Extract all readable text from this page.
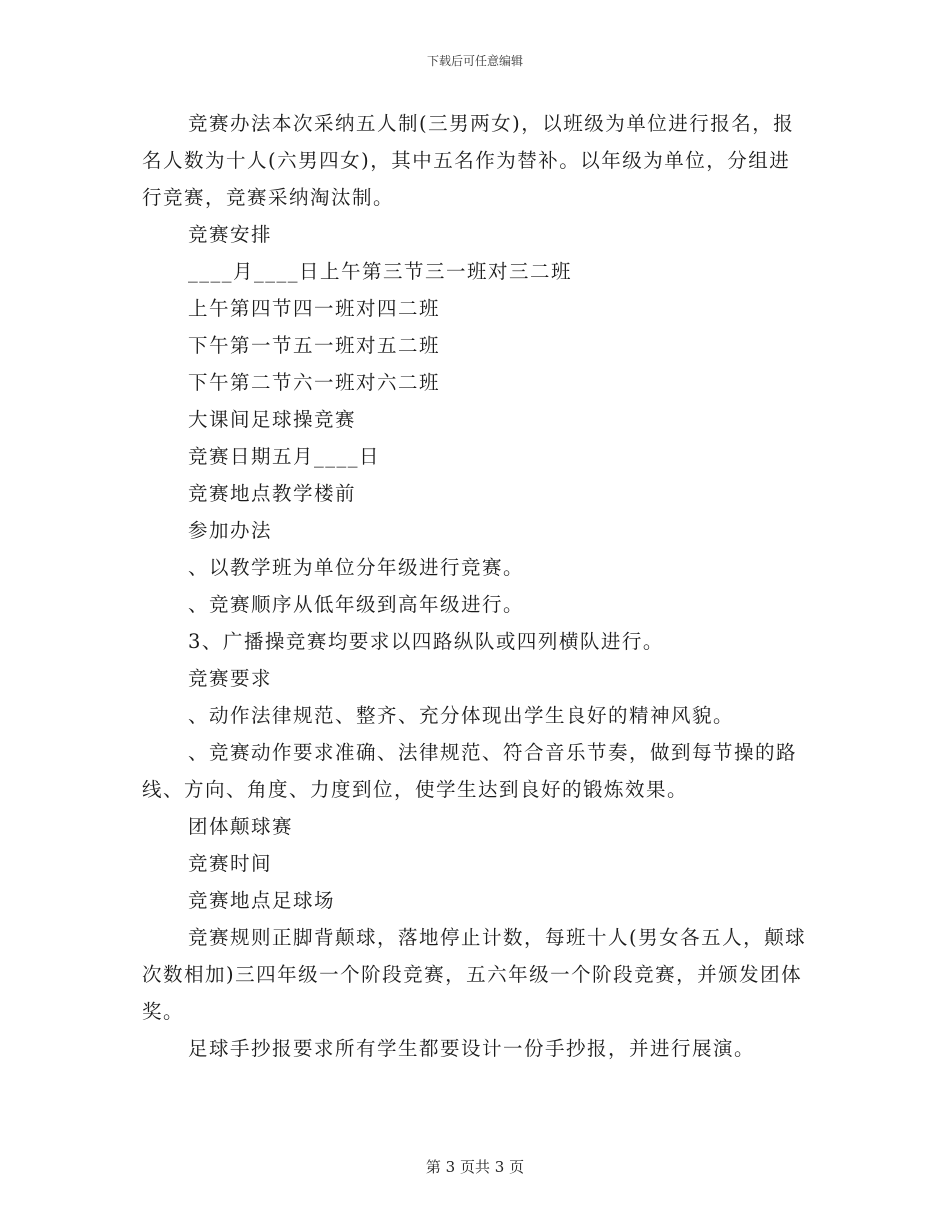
下载后可任意编辑

竞赛办法本次采纳五人制(三男两女)，以班级为单位进行报名，报名人数为十人(六男四女)，其中五名作为替补。以年级为单位，分组进行竞赛，竞赛采纳淘汰制。

竞赛安排

____月____日上午第三节三一班对三二班

上午第四节四一班对四二班

下午第一节五一班对五二班

下午第二节六一班对六二班

大课间足球操竞赛

竞赛日期五月____日

竞赛地点教学楼前

参加办法

、以教学班为单位分年级进行竞赛。

、竞赛顺序从低年级到高年级进行。

3、广播操竞赛均要求以四路纵队或四列横队进行。

竞赛要求

、动作法律规范、整齐、充分体现出学生良好的精神风貌。

、竞赛动作要求准确、法律规范、符合音乐节奏，做到每节操的路线、方向、角度、力度到位，使学生达到良好的锻炼效果。

团体颠球赛

竞赛时间

竞赛地点足球场

竞赛规则正脚背颠球，落地停止计数，每班十人(男女各五人，颠球次数相加)三四年级一个阶段竞赛，五六年级一个阶段竞赛，并颁发团体奖。

足球手抄报要求所有学生都要设计一份手抄报，并进行展演。

第 3 页共 3 页
